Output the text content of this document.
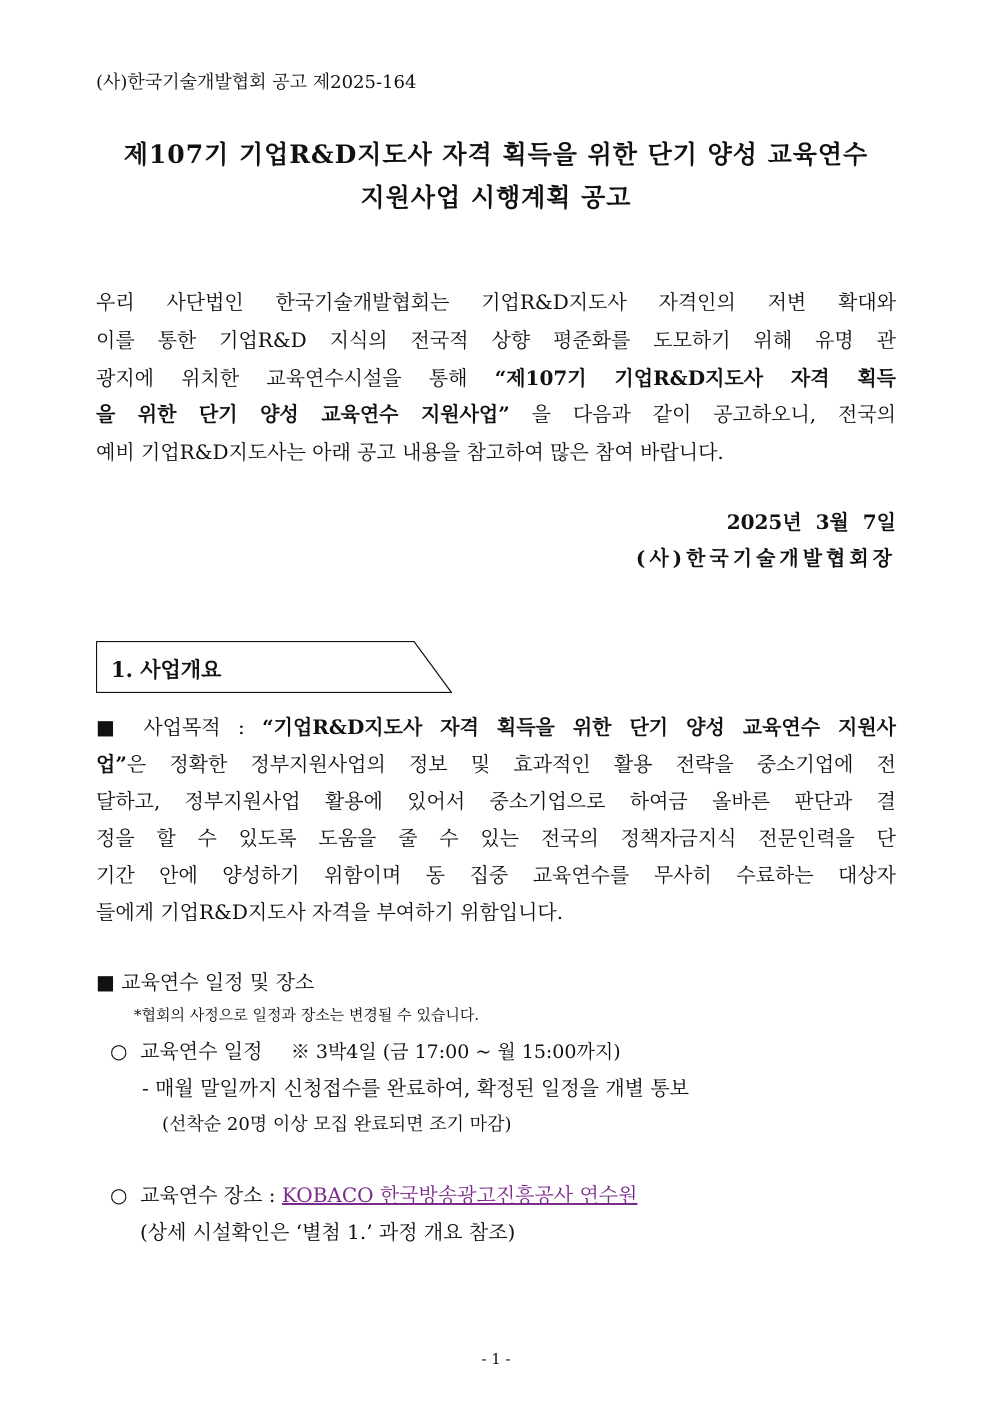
(사)한국기술개발협회 공고 제2025-164
제107기 기업R&D지도사 자격 획득을 위한 단기 양성 교육연수
지원사업 시행계획 공고
우리 사단법인 한국기술개발협회는 기업R&D지도사 자격인의 저변 확대와
이를 통한 기업R&D 지식의 전국적 상향 평준화를 도모하기 위해 유명 관
광지에 위치한 교육연수시설을 통해 “제107기 기업R&D지도사 자격 획득
을 위한 단기 양성 교육연수 지원사업” 을 다음과 같이 공고하오니, 전국의
예비 기업R&D지도사는 아래 공고 내용을 참고하여 많은 참여 바랍니다.
2025년  3월  7일
(사)한국기술개발협회장
1. 사업개요
■ 사업목적 : “기업R&D지도사 자격 획득을 위한 단기 양성 교육연수 지원사
업”은 정확한 정부지원사업의 정보 및 효과적인 활용 전략을 중소기업에 전
달하고, 정부지원사업 활용에 있어서 중소기업으로 하여금 올바른 판단과 결
정을 할 수 있도록 도움을 줄 수 있는 전국의 정책자금지식 전문인력을 단
기간 안에 양성하기 위함이며 동 집중 교육연수를 무사히 수료하는 대상자
들에게 기업R&D지도사 자격을 부여하기 위함입니다.
■ 교육연수 일정 및 장소
*협회의 사정으로 일정과 장소는 변경될 수 있습니다.
○  교육연수 일정 ※ 3박4일 (금 17:00 ~ 월 15:00까지)
- 매월 말일까지 신청접수를 완료하여, 확정된 일정을 개별 통보
(선착순 20명 이상 모집 완료되면 조기 마감)
○  교육연수 장소 : KOBACO 한국방송광고진흥공사 연수원
(상세 시설확인은 ‘별첨 1.’ 과정 개요 참조)
- 1 -
